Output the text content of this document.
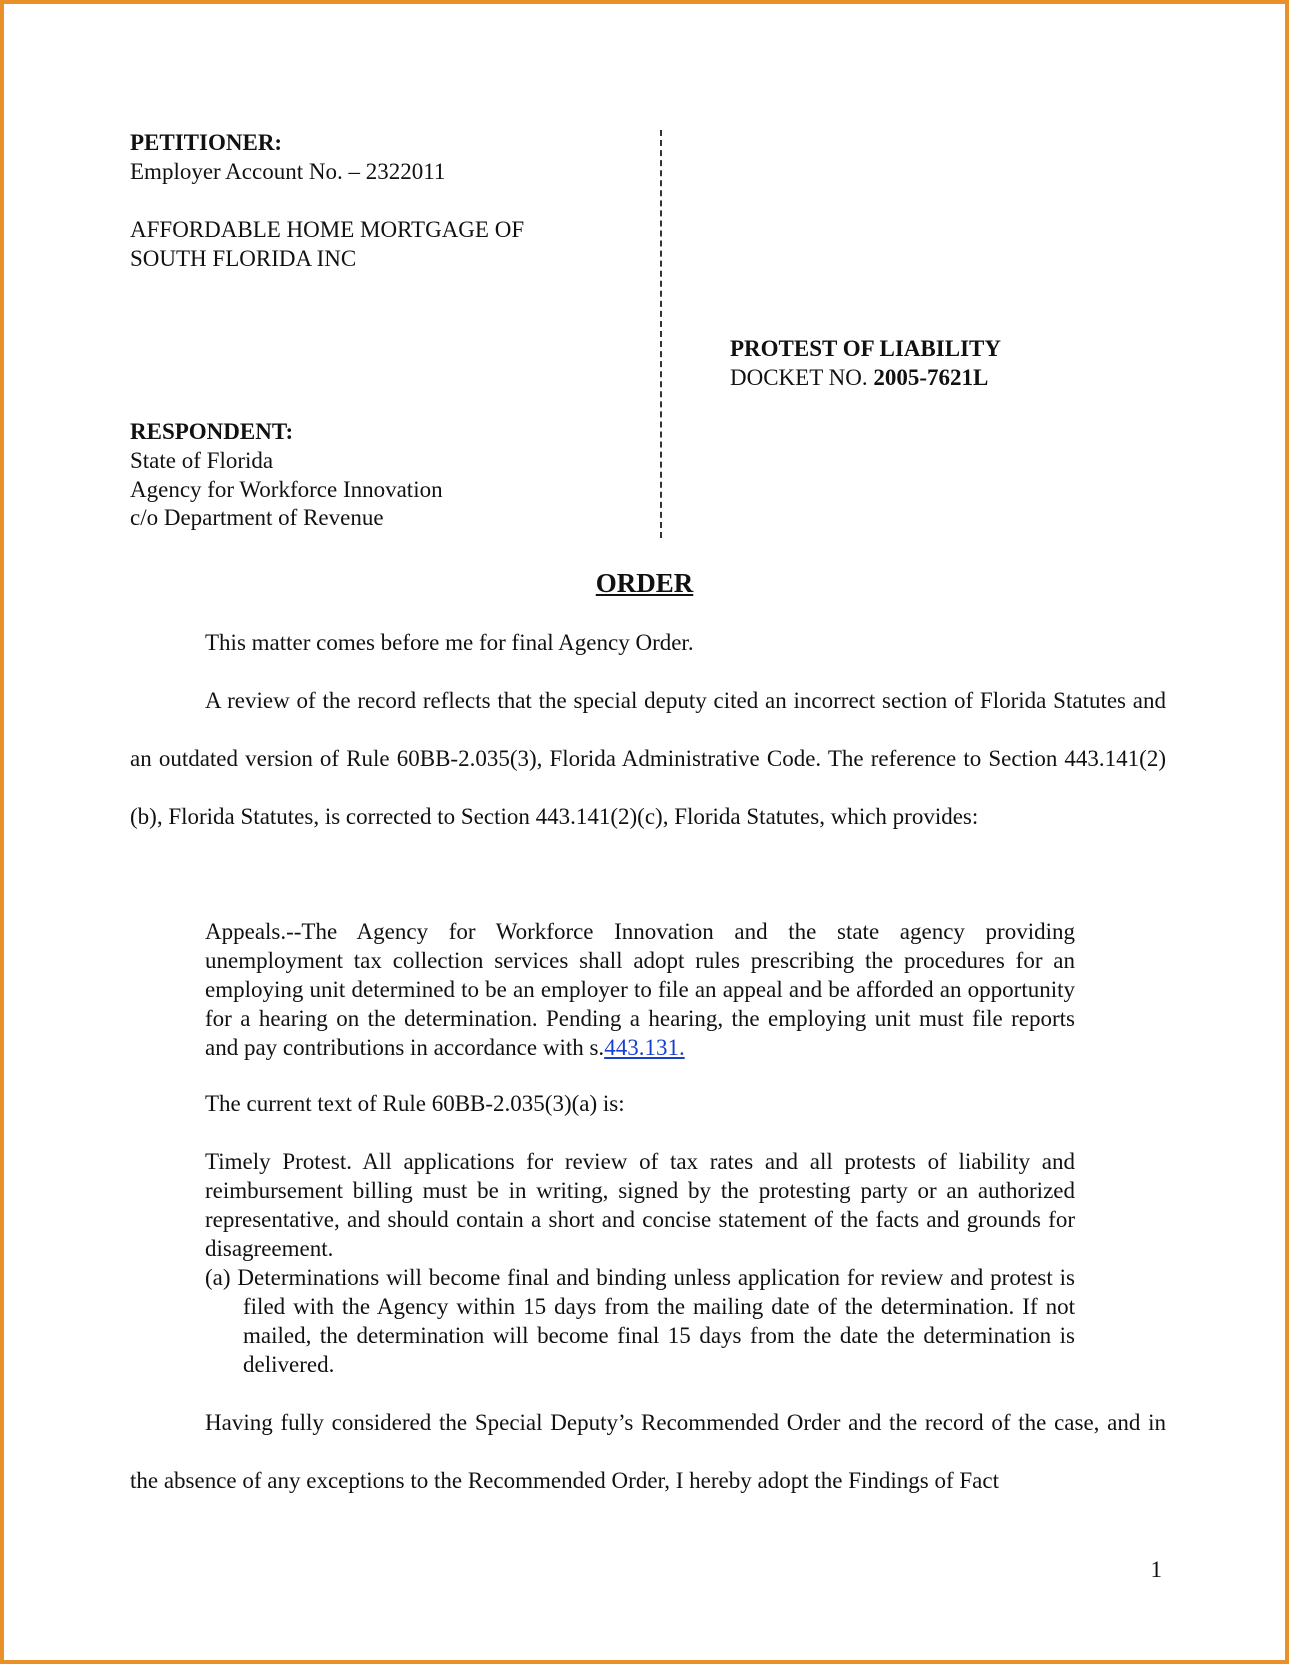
PETITIONER:
Employer Account No. – 2322011
AFFORDABLE HOME MORTGAGE OF
SOUTH FLORIDA INC
RESPONDENT:
State of Florida
Agency for Workforce Innovation
c/o Department of Revenue
PROTEST OF LIABILITY
DOCKET NO. 2005-7621L
ORDER
This matter comes before me for final Agency Order.
A review of the record reflects that the special deputy cited an incorrect section of Florida Statutes and an outdated version of Rule 60BB-2.035(3), Florida Administrative Code. The reference to Section 443.141(2)(b), Florida Statutes, is corrected to Section 443.141(2)(c), Florida Statutes, which provides:
Appeals.--The Agency for Workforce Innovation and the state agency providing unemployment tax collection services shall adopt rules prescribing the procedures for an employing unit determined to be an employer to file an appeal and be afforded an opportunity for a hearing on the determination. Pending a hearing, the employing unit must file reports and pay contributions in accordance with s.443.131.
The current text of Rule 60BB-2.035(3)(a) is:
Timely Protest. All applications for review of tax rates and all protests of liability and reimbursement billing must be in writing, signed by the protesting party or an authorized representative, and should contain a short and concise statement of the facts and grounds for disagreement.
(a) Determinations will become final and binding unless application for review and protest is filed with the Agency within 15 days from the mailing date of the determination. If not mailed, the determination will become final 15 days from the date the determination is delivered.
Having fully considered the Special Deputy’s Recommended Order and the record of the case, and in the absence of any exceptions to the Recommended Order, I hereby adopt the Findings of Fact
1
